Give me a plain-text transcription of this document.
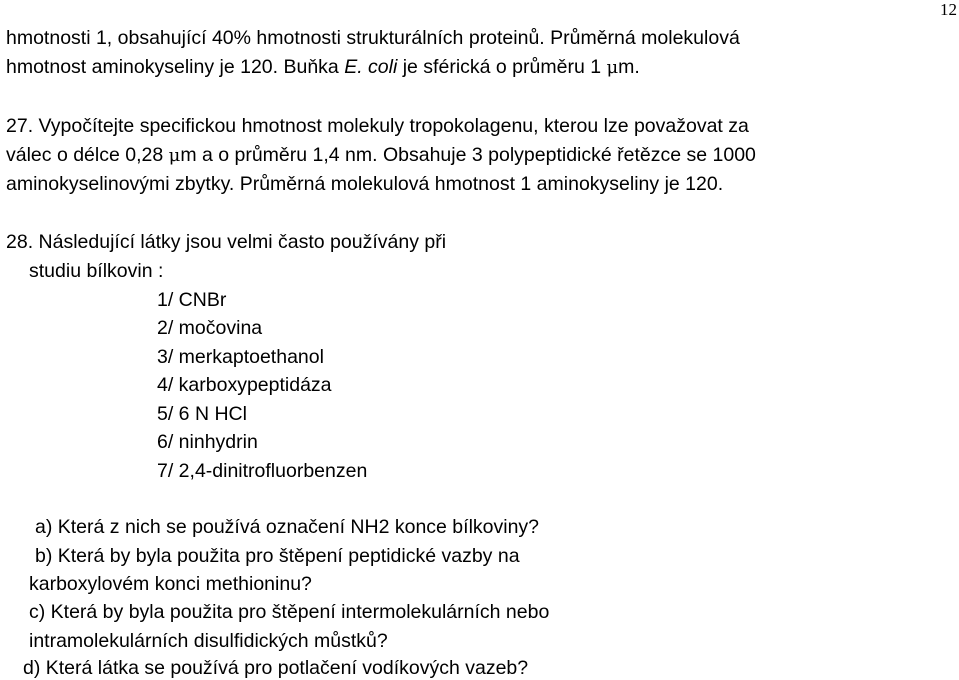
12
hmotnosti 1, obsahující 40% hmotnosti strukturálních proteinů. Průměrná molekulová
hmotnost aminokyseliny je 120. Buňka E. coli je sférická o průměru 1 μm.
27. Vypočítejte specifickou hmotnost molekuly tropokolagenu, kterou lze považovat za
válec o délce 0,28 μm a o průměru 1,4 nm. Obsahuje 3 polypeptidické řetězce se 1000
aminokyselinovými zbytky. Průměrná molekulová hmotnost 1 aminokyseliny je 120.
28. Následující látky jsou velmi často používány při
studiu bílkovin :
1/ CNBr
2/ močovina
3/ merkaptoethanol
4/ karboxypeptidáza
5/ 6 N HCl
6/ ninhydrin
7/ 2,4-dinitrofluorbenzen
a) Která z nich se používá označení NH2 konce bílkoviny?
b) Která by byla použita pro štěpení peptidické vazby na
karboxylovém konci methioninu?
c) Která by byla použita pro štěpení intermolekulárních nebo
intramolekulárních disulfidických můstků?
d) Která látka se používá pro potlačení vodíkových vazeb?
